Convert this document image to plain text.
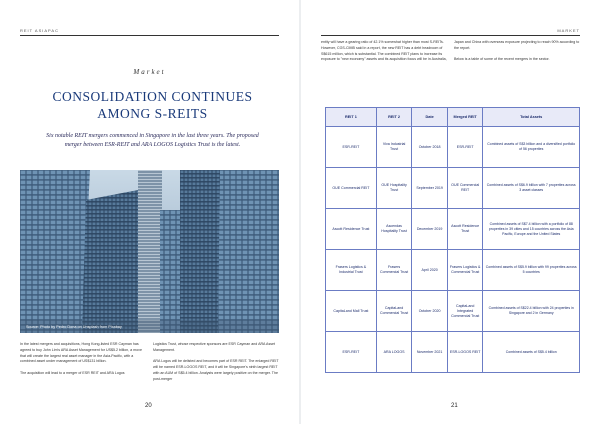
REIT ASIAPAC
Market
CONSOLIDATION CONTINUES
AMONG S-REITS
Six notable REIT mergers commenced in Singapore in the last three years. The proposed merger between ESR-REIT and ARA LOGOS Logistics Trust is the latest.
Source: Photo by Pedro Dona on Unsplash from Pixabay
In the latest mergers and acquisitions, Hong Kong-listed ESR Cayman has agreed to buy John Lim's ARA Asset Management for US$5.2 billion, a move that will create the largest real asset manager in the Asia-Pacific, with a combined asset under management of US$131 billion.

The acquisition will lead to a merger of ESR REIT and ARA Logos
Logistics Trust, whose respective sponsors are ESR Cayman and ARA Asset Management.

ARA Logos will be delisted and becomes part of ESR REIT. The enlarged REIT will be named ESR-LOGOS REIT, and it will be Singapore's ninth largest REIT with an AUM of S$5.4 billion. Analysts were largely positive on the merger. The post-merger
20
MARKET
entity will have a gearing ratio of 42.1% somewhat higher than most S-REITs. However, CGS-CIMB said in a report, the new REIT has a debt headroom of S$615 million, which is substantial. The combined REIT plans to increase its exposure to "new economy" assets and its acquisition focus will be in Australia,
Japan and China with overseas exposure projecting to reach 90% according to the report.

Below is a table of some of the recent mergers in the sector.
REIT 1	REIT 2	Date	Merged REIT	Total Assets
ESR-REIT	Viva Industrial Trust	October 2018	ESR-REIT	Combined assets of S$3 billion and a diversified portfolio of 56 properties
OUE Commercial REIT	OUE Hospitality Trust	September 2019	OUE Commercial REIT	Combined assets of S$6.9 billion with 7 properties across 3 asset classes
Ascott Residence Trust	Ascendas Hospitality Trust	December 2019	Ascott Residence Trust	Combined assets of S$7.4 billion with a portfolio of 88 properties in 39 cities and 15 countries across the Asia Pacific, Europe and the United States
Frasers Logistics & Industrial Trust	Frasers Commercial Trust	April 2020	Frasers Logistics & Commercial Trust	Combined assets of S$5.9 billion with 99 properties across 5 countries
CapitaLand Mall Trust	CapitaLand Commercial Trust	October 2020	CapitaLand Integrated Commercial Trust	Combined assets of S$22.4 billion with 24 properties in Singapore and 2 in Germany
ESR-REIT	ARA LOGOS	November 2021	ESR-LOGOS REIT	Combined assets of S$5.4 billion
21
